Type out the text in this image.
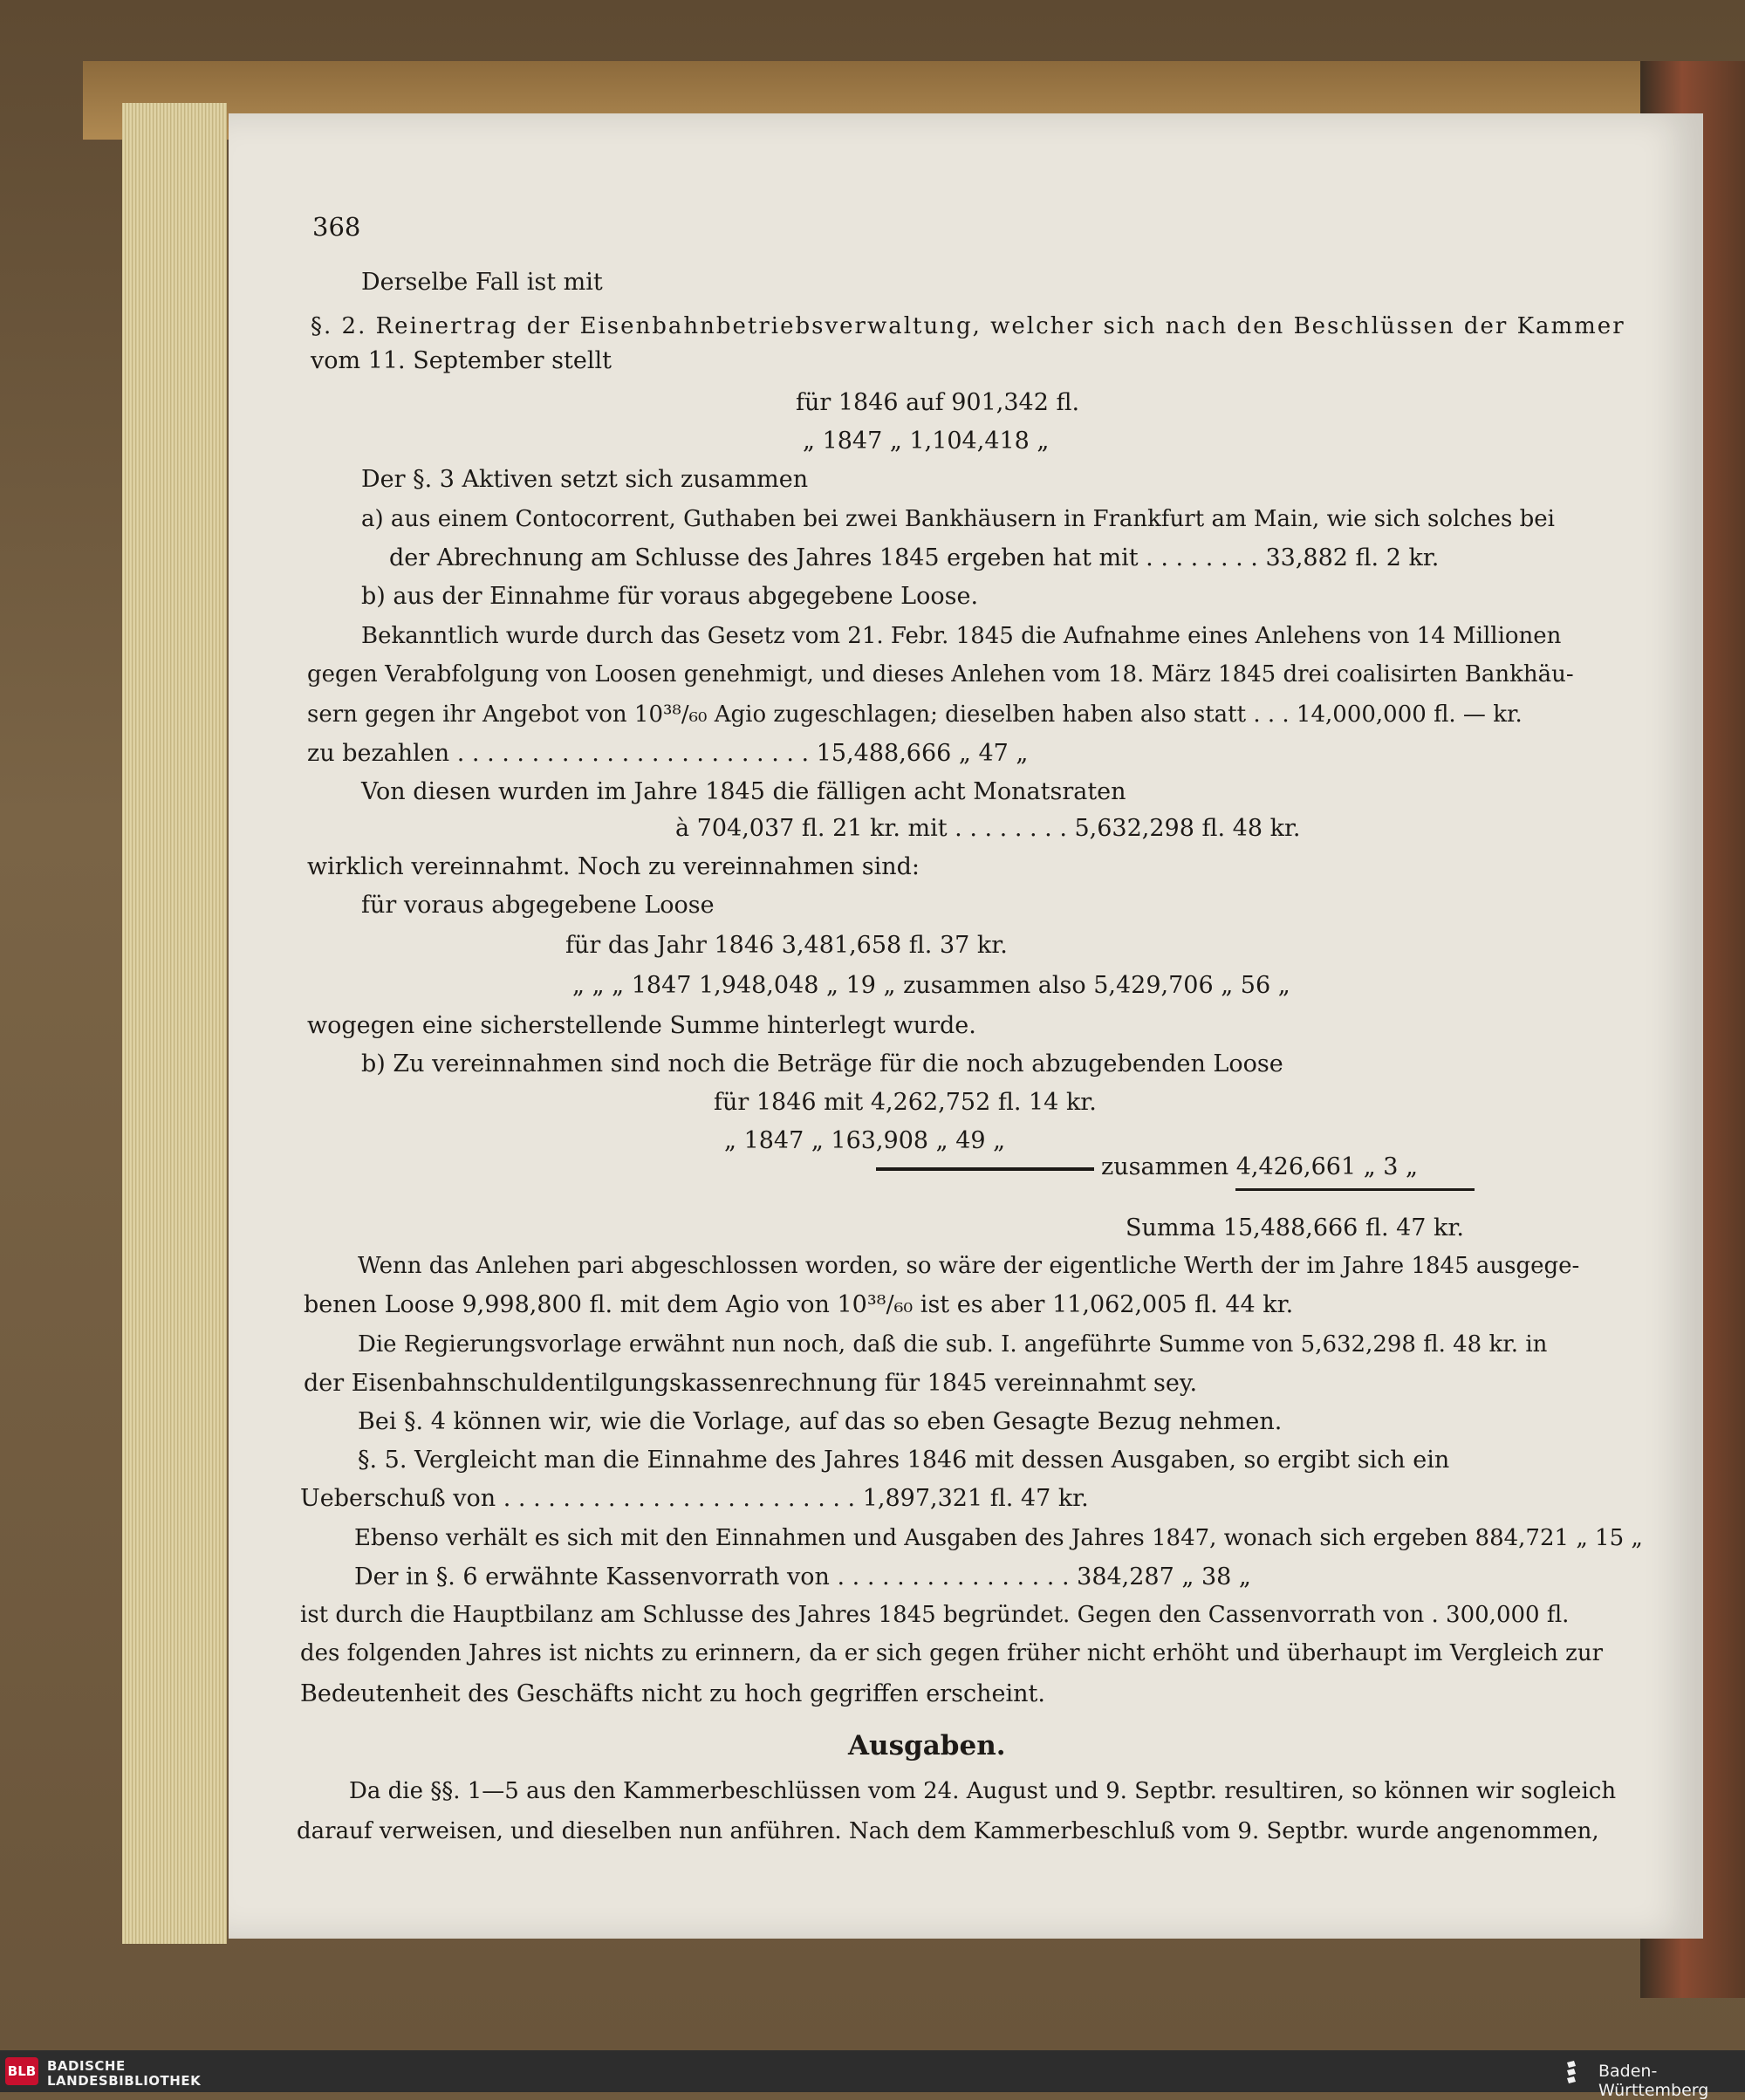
368
Derselbe Fall ist mit
§. 2. Reinertrag der Eisenbahnbetriebsverwaltung, welcher sich nach den Beschlüssen der Kammer
vom 11. September stellt
für 1846 auf 901,342 fl.
„ 1847 „ 1,104,418 „
Der §. 3 Aktiven setzt sich zusammen
a) aus einem Contocorrent, Guthaben bei zwei Bankhäusern in Frankfurt am Main, wie sich solches bei
der Abrechnung am Schlusse des Jahres 1845 ergeben hat mit . . . . . . . . 33,882 fl. 2 kr.
b) aus der Einnahme für voraus abgegebene Loose.
Bekanntlich wurde durch das Gesetz vom 21. Febr. 1845 die Aufnahme eines Anlehens von 14 Millionen
gegen Verabfolgung von Loosen genehmigt, und dieses Anlehen vom 18. März 1845 drei coalisirten Bankhäu-
sern gegen ihr Angebot von 10³⁸/₆₀ Agio zugeschlagen; dieselben haben also statt . . . 14,000,000 fl. — kr.
zu bezahlen . . . . . . . . . . . . . . . . . . . . . . . . 15,488,666 „ 47 „
Von diesen wurden im Jahre 1845 die fälligen acht Monatsraten
à 704,037 fl. 21 kr. mit . . . . . . . . 5,632,298 fl. 48 kr.
wirklich vereinnahmt. Noch zu vereinnahmen sind:
für voraus abgegebene Loose
für das Jahr 1846 3,481,658 fl. 37 kr.
„ „ „ 1847 1,948,048 „ 19 „ zusammen also 5,429,706 „ 56 „
wogegen eine sicherstellende Summe hinterlegt wurde.
b) Zu vereinnahmen sind noch die Beträge für die noch abzugebenden Loose
für 1846 mit 4,262,752 fl. 14 kr.
„ 1847 „ 163,908 „ 49 „
zusammen 4,426,661 „ 3 „
Summa 15,488,666 fl. 47 kr.
Wenn das Anlehen pari abgeschlossen worden, so wäre der eigentliche Werth der im Jahre 1845 ausgege-
benen Loose 9,998,800 fl. mit dem Agio von 10³⁸/₆₀ ist es aber 11,062,005 fl. 44 kr.
Die Regierungsvorlage erwähnt nun noch, daß die sub. I. angeführte Summe von 5,632,298 fl. 48 kr. in
der Eisenbahnschuldentilgungskassenrechnung für 1845 vereinnahmt sey.
Bei §. 4 können wir, wie die Vorlage, auf das so eben Gesagte Bezug nehmen.
§. 5. Vergleicht man die Einnahme des Jahres 1846 mit dessen Ausgaben, so ergibt sich ein
Ueberschuß von . . . . . . . . . . . . . . . . . . . . . . . . 1,897,321 fl. 47 kr.
Ebenso verhält es sich mit den Einnahmen und Ausgaben des Jahres 1847, wonach sich ergeben 884,721 „ 15 „
Der in §. 6 erwähnte Kassenvorrath von . . . . . . . . . . . . . . . . 384,287 „ 38 „
ist durch die Hauptbilanz am Schlusse des Jahres 1845 begründet. Gegen den Cassenvorrath von . 300,000 fl.
des folgenden Jahres ist nichts zu erinnern, da er sich gegen früher nicht erhöht und überhaupt im Vergleich zur
Bedeutenheit des Geschäfts nicht zu hoch gegriffen erscheint.
Ausgaben.
Da die §§. 1—5 aus den Kammerbeschlüssen vom 24. August und 9. Septbr. resultiren, so können wir sogleich
darauf verweisen, und dieselben nun anführen. Nach dem Kammerbeschluß vom 9. Septbr. wurde angenommen,
BLB BADISCHE
LANDESBIBLIOTHEK	Baden-Württemberg
